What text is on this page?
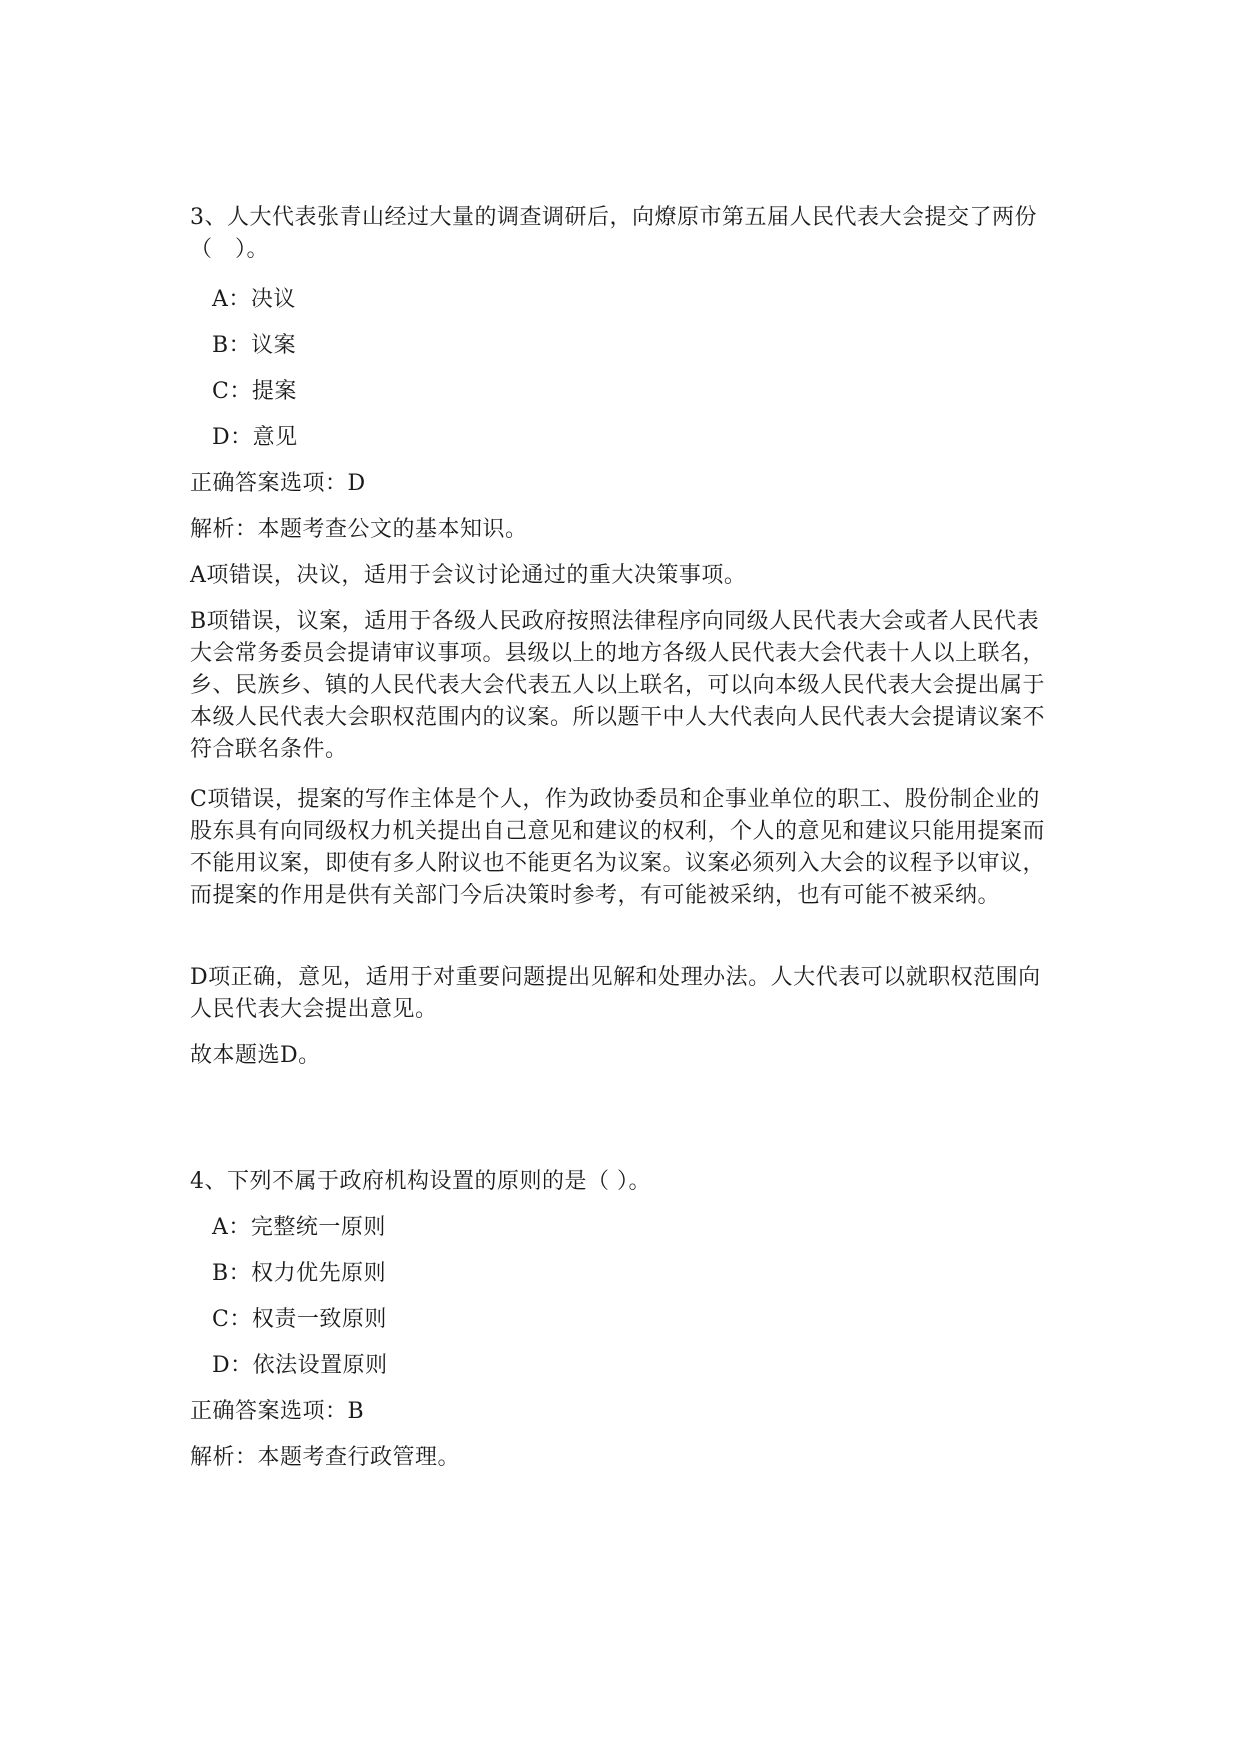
3、人大代表张青山经过大量的调查调研后，向燎原市第五届人民代表大会提交了两份（　）。
A：决议
B：议案
C：提案
D：意见
正确答案选项：D
解析：本题考查公文的基本知识。
A项错误，决议，适用于会议讨论通过的重大决策事项。
B项错误，议案，适用于各级人民政府按照法律程序向同级人民代表大会或者人民代表大会常务委员会提请审议事项。县级以上的地方各级人民代表大会代表十人以上联名，乡、民族乡、镇的人民代表大会代表五人以上联名，可以向本级人民代表大会提出属于本级人民代表大会职权范围内的议案。所以题干中人大代表向人民代表大会提请议案不符合联名条件。
C项错误，提案的写作主体是个人，作为政协委员和企事业单位的职工、股份制企业的股东具有向同级权力机关提出自己意见和建议的权利，个人的意见和建议只能用提案而不能用议案，即使有多人附议也不能更名为议案。议案必须列入大会的议程予以审议，而提案的作用是供有关部门今后决策时参考，有可能被采纳，也有可能不被采纳。
D项正确，意见，适用于对重要问题提出见解和处理办法。人大代表可以就职权范围向人民代表大会提出意见。
故本题选D。
4、下列不属于政府机构设置的原则的是（ ）。
A：完整统一原则
B：权力优先原则
C：权责一致原则
D：依法设置原则
正确答案选项：B
解析：本题考查行政管理。
